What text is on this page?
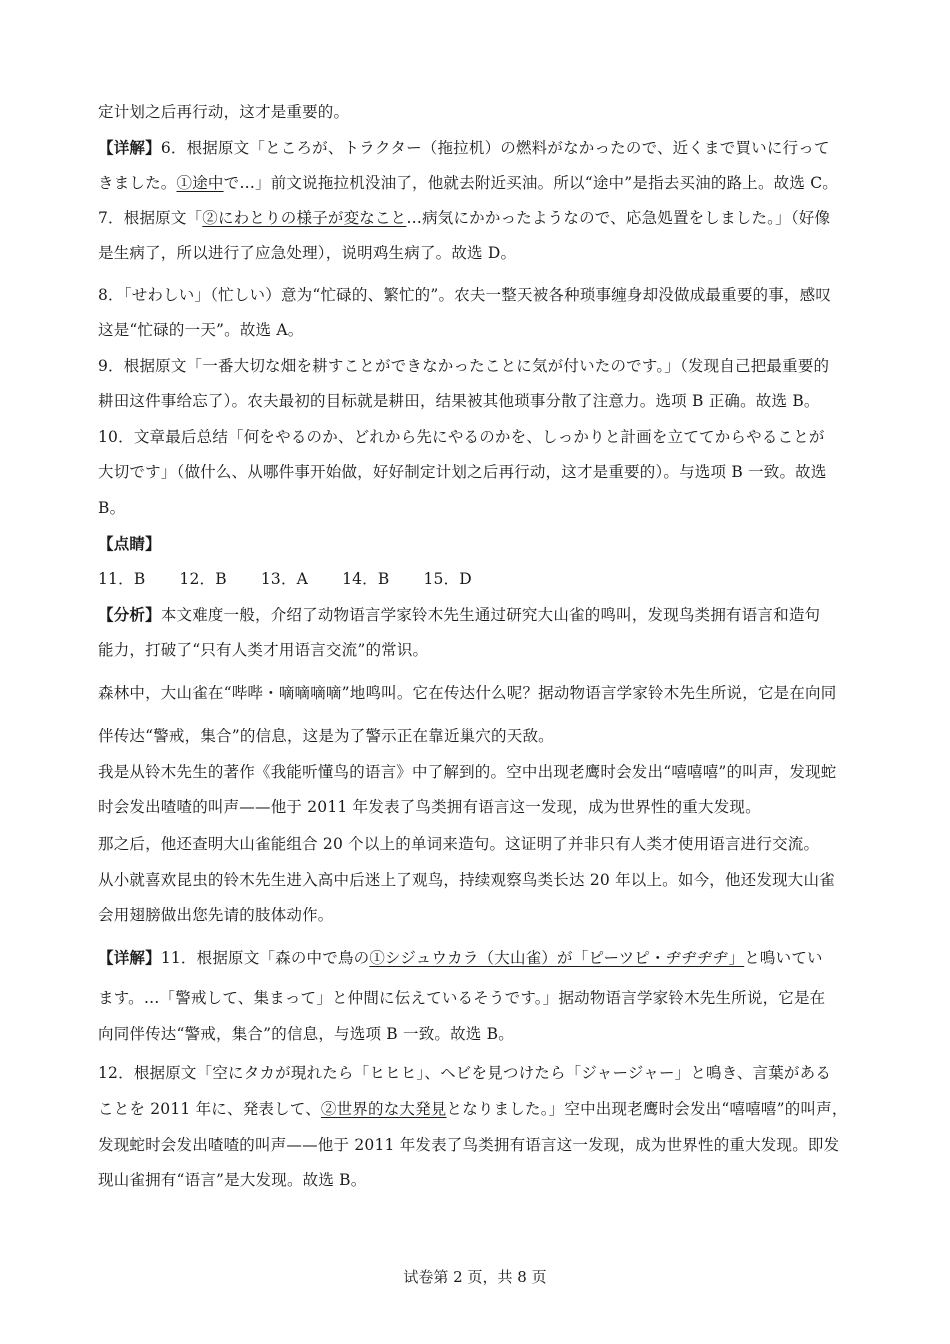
定计划之后再行动，这才是重要的。
【详解】6．根据原文「ところが、トラクター（拖拉机）の燃料がなかったので、近くまで買いに行って
きました。①途中で…」前文说拖拉机没油了，他就去附近买油。所以“途中”是指去买油的路上。故选 C。
7．根据原文「②にわとりの様子が変なこと…病気にかかったようなので、応急処置をしました。」（好像
是生病了，所以进行了应急处理），说明鸡生病了。故选 D。
8．「せわしい」（忙しい）意为“忙碌的、繁忙的”。农夫一整天被各种琐事缠身却没做成最重要的事，感叹
这是“忙碌的一天”。故选 A。
9．根据原文「一番大切な畑を耕すことができなかったことに気が付いたのです。」（发现自己把最重要的
耕田这件事给忘了）。农夫最初的目标就是耕田，结果被其他琐事分散了注意力。选项 B 正确。故选 B。
10．文章最后总结「何をやるのか、どれから先にやるのかを、しっかりと計画を立ててからやることが
大切です」（做什么、从哪件事开始做，好好制定计划之后再行动，这才是重要的）。与选项 B 一致。故选
B。
【点睛】
11．B 12．B 13．A 14．B 15．D
【分析】本文难度一般，介绍了动物语言学家铃木先生通过研究大山雀的鸣叫，发现鸟类拥有语言和造句
能力，打破了“只有人类才用语言交流”的常识。
森林中，大山雀在“哔哔・嘀嘀嘀嘀”地鸣叫。它在传达什么呢？据动物语言学家铃木先生所说，它是在向同
伴传达“警戒，集合”的信息，这是为了警示正在靠近巢穴的天敌。
我是从铃木先生的著作《我能听懂鸟的语言》中了解到的。空中出现老鹰时会发出“嘻嘻嘻”的叫声，发现蛇
时会发出喳喳的叫声——他于 2011 年发表了鸟类拥有语言这一发现，成为世界性的重大发现。
那之后，他还查明大山雀能组合 20 个以上的单词来造句。这证明了并非只有人类才使用语言进行交流。
从小就喜欢昆虫的铃木先生进入高中后迷上了观鸟，持续观察鸟类长达 20 年以上。如今，他还发现大山雀
会用翅膀做出您先请的肢体动作。
【详解】11．根据原文「森の中で鳥の①シジュウカラ（大山雀）が「ピーツピ・ヂヂヂヂ」と鳴いてい
ます。…「警戒して、集まって」と仲間に伝えているそうです。」据动物语言学家铃木先生所说，它是在
向同伴传达“警戒，集合”的信息，与选项 B 一致。故选 B。
12．根据原文「空にタカが現れたら「ヒヒヒ」、ヘビを見つけたら「ジャージャー」と鳴き、言葉がある
ことを 2011 年に、発表して、②世界的な大発見となりました。」空中出现老鹰时会发出“嘻嘻嘻”的叫声，
发现蛇时会发出喳喳的叫声——他于 2011 年发表了鸟类拥有语言这一发现，成为世界性的重大发现。即发
现山雀拥有“语言”是大发现。故选 B。
试卷第 2 页，共 8 页
